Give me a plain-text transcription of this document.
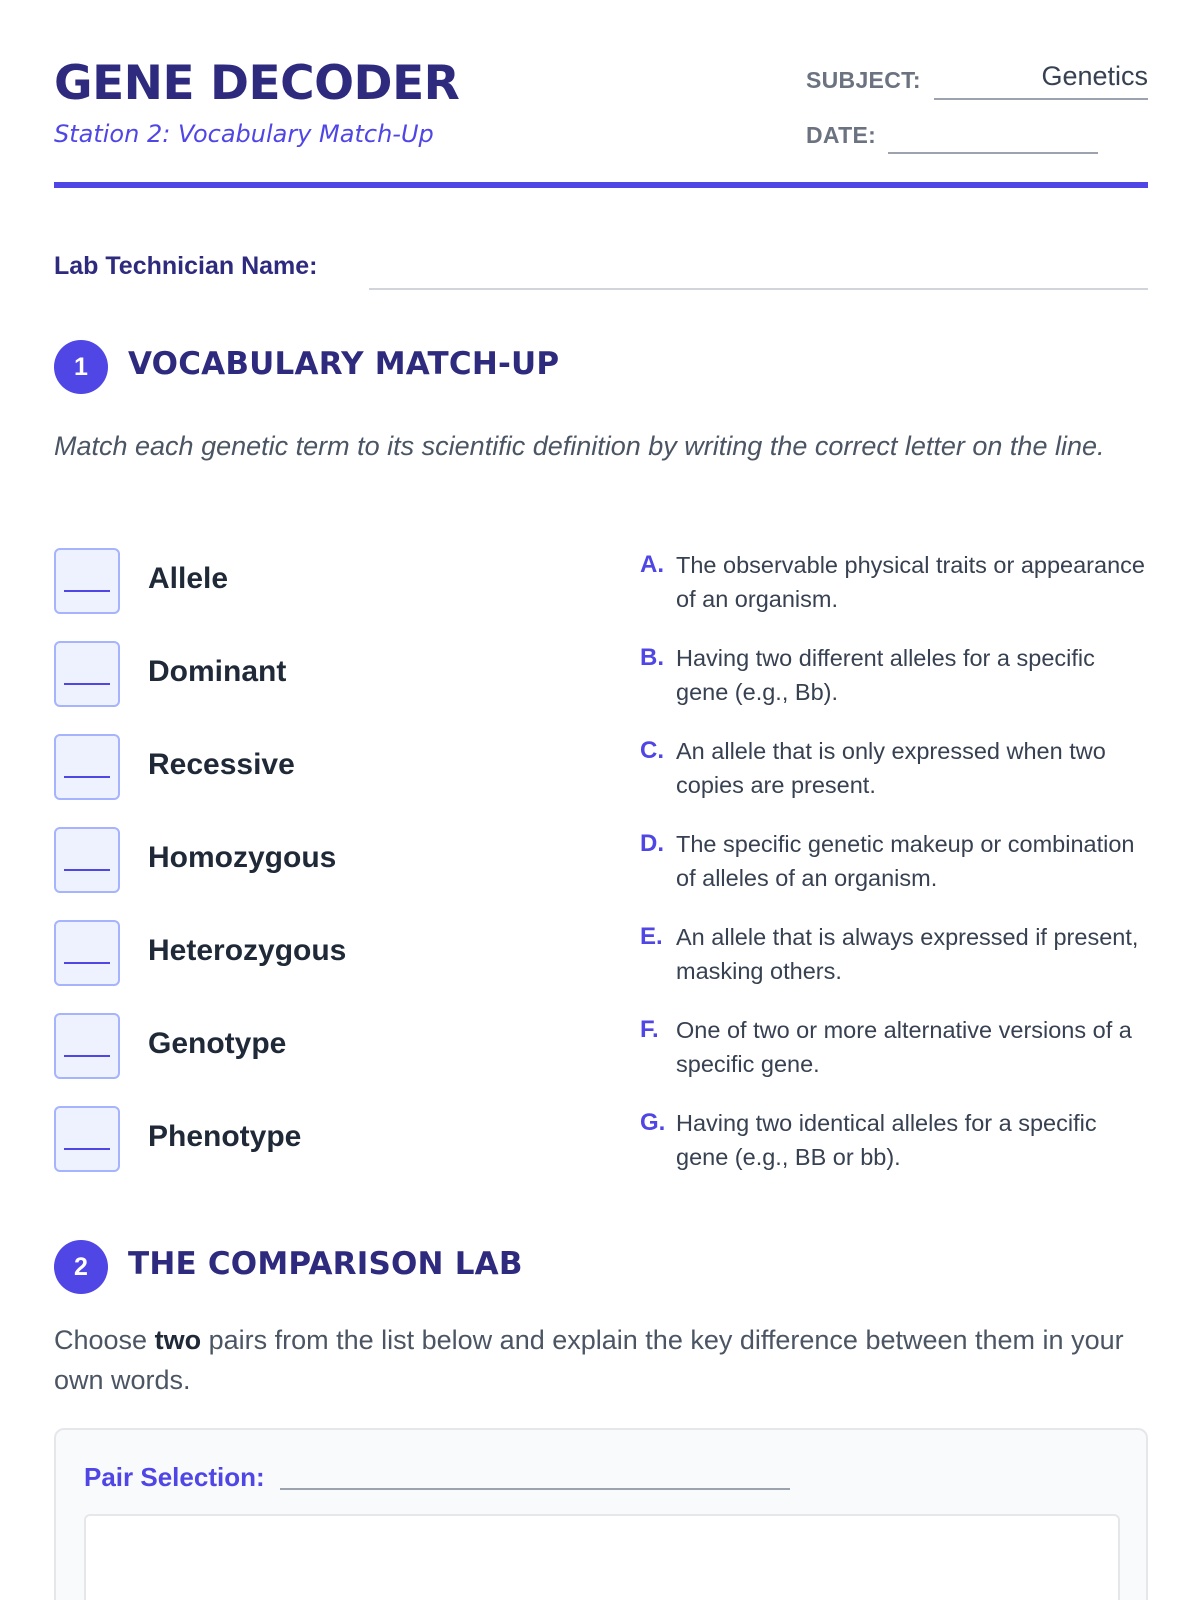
GENE DECODER
Station 2: Vocabulary Match-Up
SUBJECT:	Genetics
DATE:
Lab Technician Name:
1	VOCABULARY MATCH-UP
Match each genetic term to its scientific definition by writing the correct letter on the line.
Allele
Dominant
Recessive
Homozygous
Heterozygous
Genotype
Phenotype
A. The observable physical traits or appearance of an organism.
B. Having two different alleles for a specific gene (e.g., Bb).
C. An allele that is only expressed when two copies are present.
D. The specific genetic makeup or combination of alleles of an organism.
E. An allele that is always expressed if present, masking others.
F. One of two or more alternative versions of a specific gene.
G. Having two identical alleles for a specific gene (e.g., BB or bb).
2	THE COMPARISON LAB
Choose two pairs from the list below and explain the key difference between them in your own words.
Pair Selection:
